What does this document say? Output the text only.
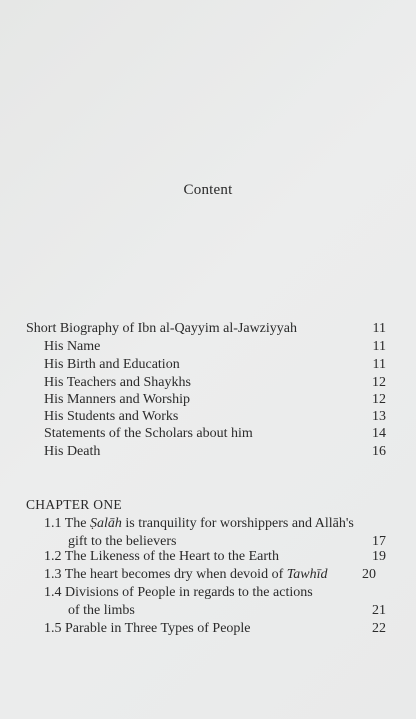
Content
Short Biography of Ibn al-Qayyim al-Jawziyyah	11
His Name	11
His Birth and Education	11
His Teachers and Shaykhs	12
His Manners and Worship	12
His Students and Works	13
Statements of the Scholars about him	14
His Death	16
CHAPTER ONE
1.1 The Ṣalāh is tranquility for worshippers and Allāh's
gift to the believers	17
1.2 The Likeness of the Heart to the Earth	19
1.3 The heart becomes dry when devoid of Tawhīd	20
1.4 Divisions of People in regards to the actions
of the limbs	21
1.5 Parable in Three Types of People	22
